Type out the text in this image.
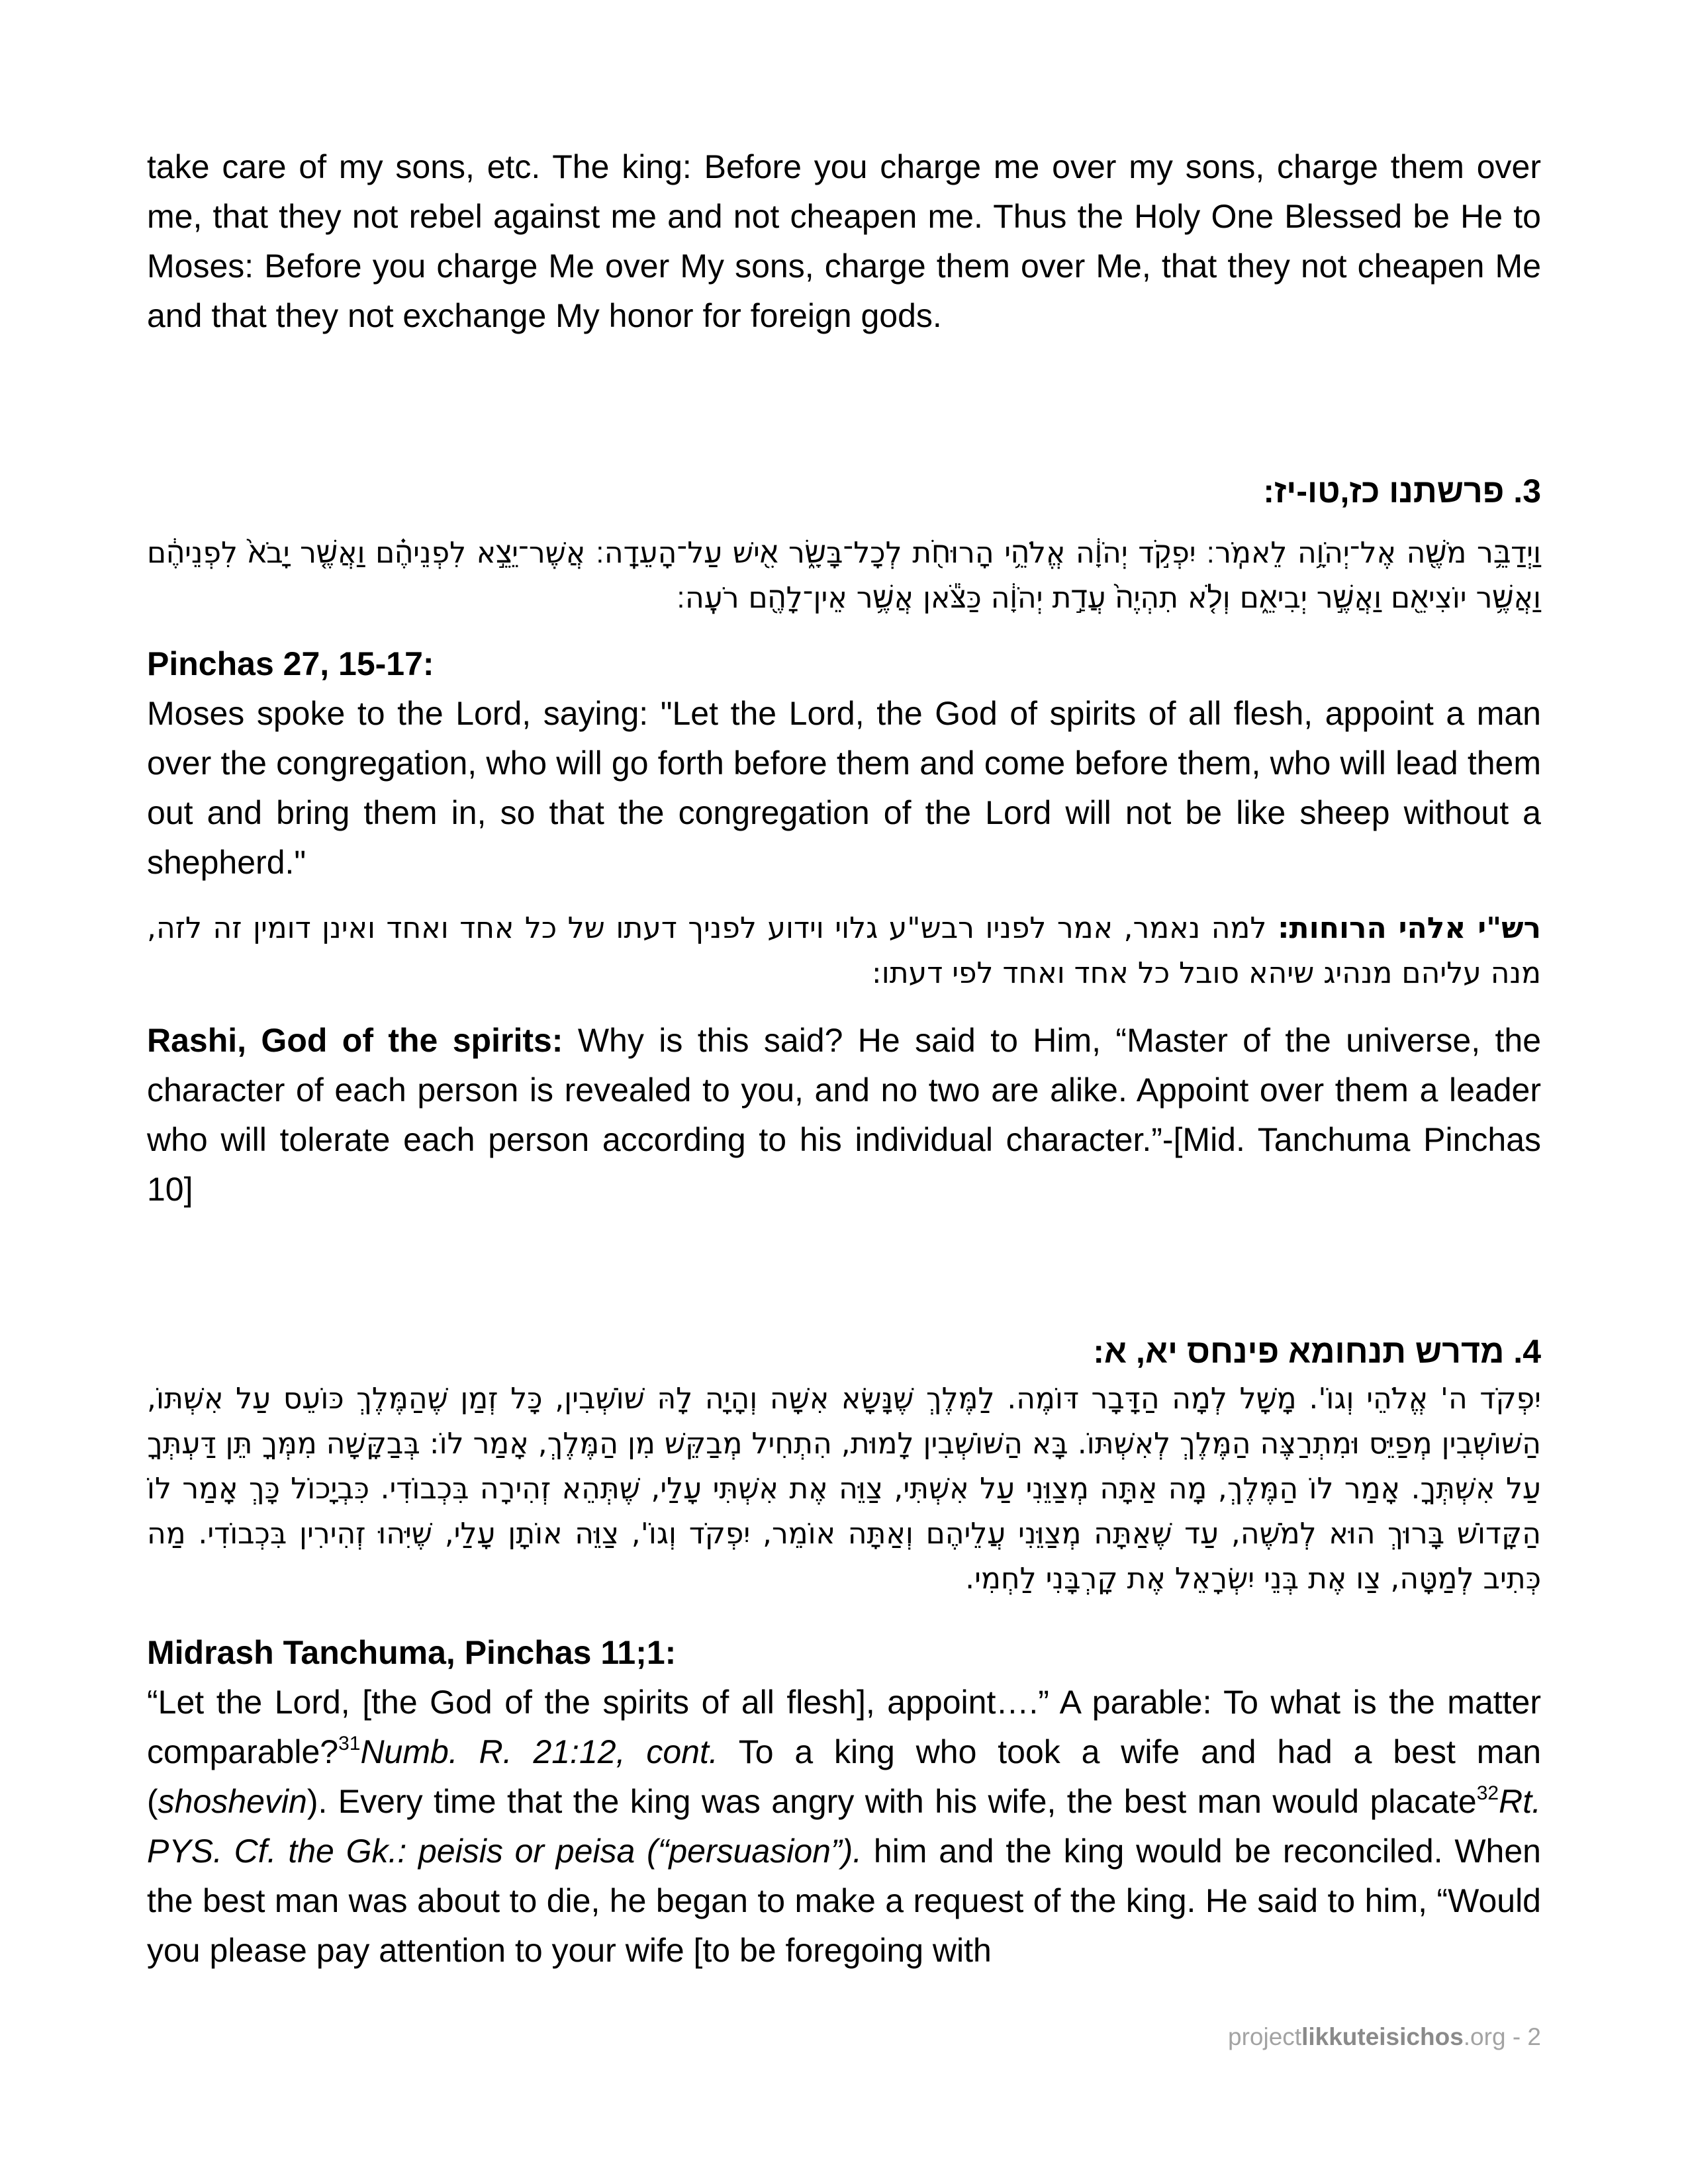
take care of my sons, etc. The king: Before you charge me over my sons, charge them over me, that they not rebel against me and not cheapen me. Thus the Holy One Blessed be He to Moses: Before you charge Me over My sons, charge them over Me, that they not cheapen Me and that they not exchange My honor for foreign gods.

3. פרשתנו כז,טו-יז:

וַיְדַבֵּ֥ר מֹשֶׁ֖ה אֶל־יְהֹוָ֥ה לֵאמֹֽר׃ יִפְקֹ֣ד יְהֹוָ֔ה אֱלֹהֵ֥י הָרוּחֹ֖ת לְכָל־בָּשָׂ֑ר אִ֖ישׁ עַל־הָעֵדָֽה׃ אֲשֶׁר־יֵצֵ֣א לִפְנֵיהֶ֗ם וַאֲשֶׁ֤ר יָבֹא֙ לִפְנֵיהֶ֔ם וַאֲשֶׁ֥ר יוֹצִיאֵ֖ם וַאֲשֶׁ֣ר יְבִיאֵ֑ם וְלֹ֤א תִהְיֶה֙ עֲדַ֣ת יְהֹוָ֔ה כַּצֹּ֕אן אֲשֶׁ֥ר אֵין־לָהֶ֖ם רֹעֶֽה׃

Pinchas 27, 15-17:

Moses spoke to the Lord, saying: "Let the Lord, the God of spirits of all flesh, appoint a man over the congregation, who will go forth before them and come before them, who will lead them out and bring them in, so that the congregation of the Lord will not be like sheep without a shepherd."

רש"י אלהי הרוחות: למה נאמר, אמר לפניו רבש"ע גלוי וידוע לפניך דעתו של כל אחד ואחד ואינן דומין זה לזה, מנה עליהם מנהיג שיהא סובל כל אחד ואחד לפי דעתו:

Rashi, God of the spirits: Why is this said? He said to Him, “Master of the universe, the character of each person is revealed to you, and no two are alike. Appoint over them a leader who will tolerate each person according to his individual character.”-[Mid. Tanchuma Pinchas 10]

4. מדרש תנחומא פינחס יא, א:

יִפְקֹד ה' אֱלֹהֵי וְגוֹ'. מָשָׁל לְמָה הַדָּבָר דּוֹמֶה. לַמֶּלֶךְ שֶׁנָּשָׂא אִשָּׁה וְהָיָה לָהּ שׁוֹשְׁבִין, כָּל זְמַן שֶׁהַמֶּלֶךְ כּוֹעֵס עַל אִשְׁתּוֹ, הַשּׁוֹשְׁבִין מְפַיֵּס וּמִתְרַצֶּה הַמֶּלֶךְ לְאִשְׁתּוֹ. בָּא הַשּׁוֹשְׁבִין לָמוּת, הִתְחִיל מְבַקֵּשׁ מִן הַמֶּלֶךְ, אָמַר לוֹ: בְּבַקָּשָׁה מִמְּךָ תֵּן דַּעְתְּךָ עַל אִשְׁתְּךָ. אָמַר לוֹ הַמֶּלֶךְ, מָה אַתָּה מְצַוֵּנִי עַל אִשְׁתִּי, צַוֵּה אֶת אִשְׁתִּי עָלַי, שֶׁתְּהֵא זְהִירָה בִּכְבוֹדִי. כִּבְיָכוֹל כָּךְ אָמַר לוֹ הַקָּדוֹשׁ בָּרוּךְ הוּא לְמֹשֶׁה, עַד שֶׁאַתָּה מְצַוֵּנִי עֲלֵיהֶם וְאַתָּה אוֹמֵר, יִפְקֹד וְגוֹ', צַוֵּה אוֹתָן עָלַי, שֶׁיִּהוּ זְהִירִין בִּכְבוֹדִי. מַה כְּתִיב לְמַטָּה, צַו אֶת בְּנֵי יִשְׂרָאֵל אֶת קָרְבָּנִי לַחְמִי.

Midrash Tanchuma, Pinchas 11;1:

“Let the Lord, [the God of the spirits of all flesh], appoint….” A parable: To what is the matter comparable?$^{31}$Numb. R. 21:12, cont. To a king who took a wife and had a best man (shoshevin). Every time that the king was angry with his wife, the best man would placate$^{32}$Rt. PYS. Cf. the Gk.: peisis or peisa (“persuasion”). him and the king would be reconciled. When the best man was about to die, he began to make a request of the king. He said to him, “Would you please pay attention to your wife [to be foregoing with

projectlikkuteisichos.org - 2
